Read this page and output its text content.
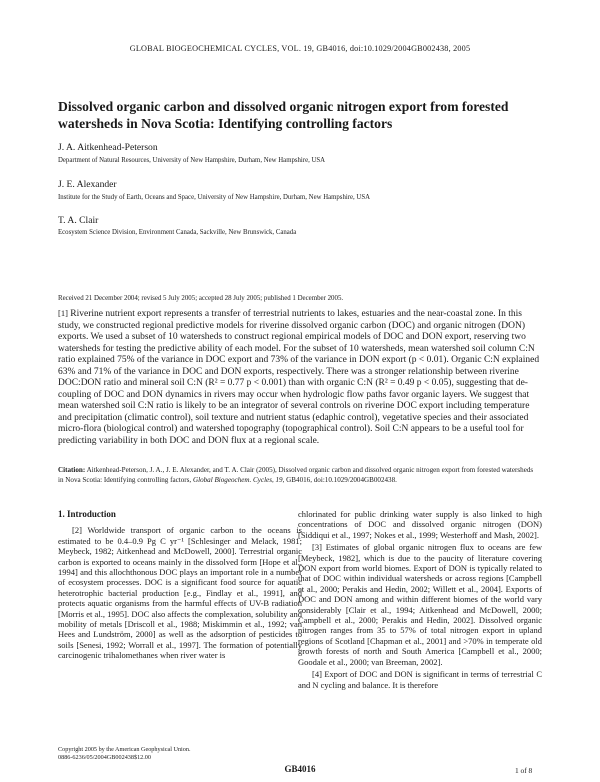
GLOBAL BIOGEOCHEMICAL CYCLES, VOL. 19, GB4016, doi:10.1029/2004GB002438, 2005
Dissolved organic carbon and dissolved organic nitrogen export from forested watersheds in Nova Scotia: Identifying controlling factors
J. A. Aitkenhead-Peterson
Department of Natural Resources, University of New Hampshire, Durham, New Hampshire, USA
J. E. Alexander
Institute for the Study of Earth, Oceans and Space, University of New Hampshire, Durham, New Hampshire, USA
T. A. Clair
Ecosystem Science Division, Environment Canada, Sackville, New Brunswick, Canada
Received 21 December 2004; revised 5 July 2005; accepted 28 July 2005; published 1 December 2005.

[1] Riverine nutrient export represents a transfer of terrestrial nutrients to lakes, estuaries and the near-coastal zone. In this study, we constructed regional predictive models for riverine dissolved organic carbon (DOC) and organic nitrogen (DON) exports. We used a subset of 10 watersheds to construct regional empirical models of DOC and DON export, reserving two watersheds for testing the predictive ability of each model. For the subset of 10 watersheds, mean watershed soil column C:N ratio explained 75% of the variance in DOC export and 73% of the variance in DON export (p < 0.01). Organic C:N explained 63% and 71% of the variance in DOC and DON exports, respectively. There was a stronger relationship between riverine DOC:DON ratio and mineral soil C:N (R² = 0.77 p < 0.001) than with organic C:N (R² = 0.49 p < 0.05), suggesting that de-coupling of DOC and DON dynamics in rivers may occur when hydrologic flow paths favor organic layers. We suggest that mean watershed soil C:N ratio is likely to be an integrator of several controls on riverine DOC export including temperature and precipitation (climatic control), soil texture and nutrient status (edaphic control), vegetative species and their associated micro-flora (biological control) and watershed topography (topographical control). Soil C:N appears to be a useful tool for predicting variability in both DOC and DON flux at a regional scale.

Citation: Aitkenhead-Peterson, J. A., J. E. Alexander, and T. A. Clair (2005), Dissolved organic carbon and dissolved organic nitrogen export from forested watersheds in Nova Scotia: Identifying controlling factors, Global Biogeochem. Cycles, 19, GB4016, doi:10.1029/2004GB002438.

1. Introduction

[2] Worldwide transport of organic carbon to the oceans is estimated to be 0.4–0.9 Pg C yr⁻¹ [Schlesinger and Melack, 1981; Meybeck, 1982; Aitkenhead and McDowell, 2000]. Terrestrial organic carbon is exported to oceans mainly in the dissolved form [Hope et al., 1994] and this allochthonous DOC plays an important role in a number of ecosystem processes. DOC is a significant food source for aquatic heterotrophic bacterial production [e.g., Findlay et al., 1991], and protects aquatic organisms from the harmful effects of UV-B radiation [Morris et al., 1995]. DOC also affects the complexation, solubility and mobility of metals [Driscoll et al., 1988; Miskimmin et al., 1992; van Hees and Lundström, 2000] as well as the adsorption of pesticides to soils [Senesi, 1992; Worrall et al., 1997]. The formation of potentially carcinogenic trihalomethanes when river water is

chlorinated for public drinking water supply is also linked to high concentrations of DOC and dissolved organic nitrogen (DON) [Siddiqui et al., 1997; Nokes et al., 1999; Westerhoff and Mash, 2002].

[3] Estimates of global organic nitrogen flux to oceans are few [Meybeck, 1982], which is due to the paucity of literature covering DON export from world biomes. Export of DON is typically related to that of DOC within individual watersheds or across regions [Campbell et al., 2000; Perakis and Hedin, 2002; Willett et al., 2004]. Exports of DOC and DON among and within different biomes of the world vary considerably [Clair et al., 1994; Aitkenhead and McDowell, 2000; Campbell et al., 2000; Perakis and Hedin, 2002]. Dissolved organic nitrogen ranges from 35 to 57% of total nitrogen export in upland regions of Scotland [Chapman et al., 2001] and >70% in temperate old growth forests of north and South America [Campbell et al., 2000; Goodale et al., 2000; van Breeman, 2002].

[4] Export of DOC and DON is significant in terms of terrestrial C and N cycling and balance. It is therefore

Copyright 2005 by the American Geophysical Union.
0886-6236/05/2004GB002438$12.00
GB4016	1 of 8
